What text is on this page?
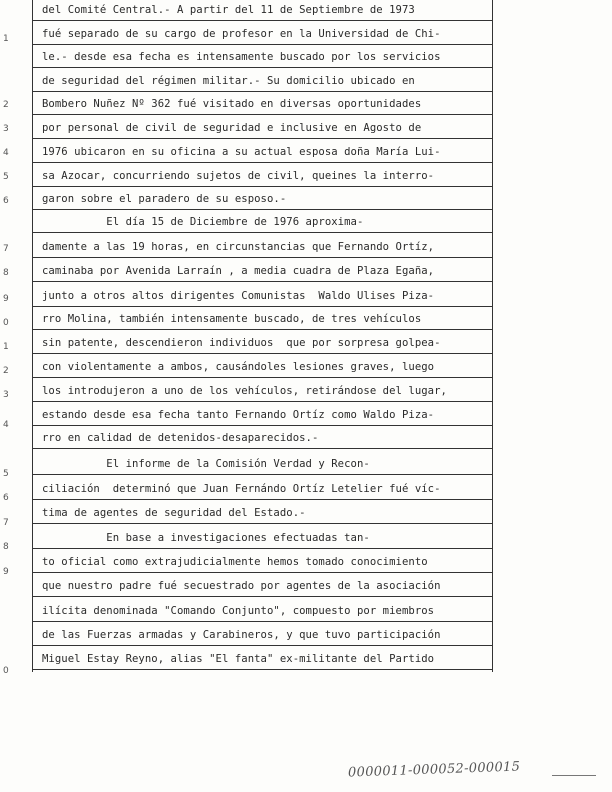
del Comité Central.- A partir del 11 de Septiembre de 1973
fué separado de su cargo de profesor en la Universidad de Chi-
le.- desde esa fecha es intensamente buscado por los servicios
de seguridad del régimen militar.- Su domicilio ubicado en
Bombero Nuñez Nº 362 fué visitado en diversas oportunidades
por personal de civil de seguridad e inclusive en Agosto de
1976 ubicaron en su oficina a su actual esposa doña María Lui-
sa Azocar, concurriendo sujetos de civil, queines la interro-
garon sobre el paradero de su esposo.-
El día 15 de Diciembre de 1976 aproxima-
damente a las 19 horas, en circunstancias que Fernando Ortíz,
caminaba por Avenida Larraín , a media cuadra de Plaza Egaña,
junto a otros altos dirigentes Comunistas  Waldo Ulises Piza-
rro Molina, también intensamente buscado, de tres vehículos
sin patente, descendieron individuos  que por sorpresa golpea-
con violentamente a ambos, causándoles lesiones graves, luego
los introdujeron a uno de los vehículos, retirándose del lugar,
estando desde esa fecha tanto Fernando Ortíz como Waldo Piza-
rro en calidad de detenidos-desaparecidos.-
El informe de la Comisión Verdad y Recon-
ciliación  determinó que Juan Fernándo Ortíz Letelier fué víc-
tima de agentes de seguridad del Estado.-
En base a investigaciones efectuadas tan-
to oficial como extrajudicialmente hemos tomado conocimiento
que nuestro padre fué secuestrado por agentes de la asociación
ilícita denominada "Comando Conjunto", compuesto por miembros
de las Fuerzas armadas y Carabineros, y que tuvo participación
Miguel Estay Reyno, alias "El fanta" ex-militante del Partido
1
2
3
4
5
6
7
8
9
0
1
2
3
4
5
6
7
8
9
0
0000011-000052-000015
